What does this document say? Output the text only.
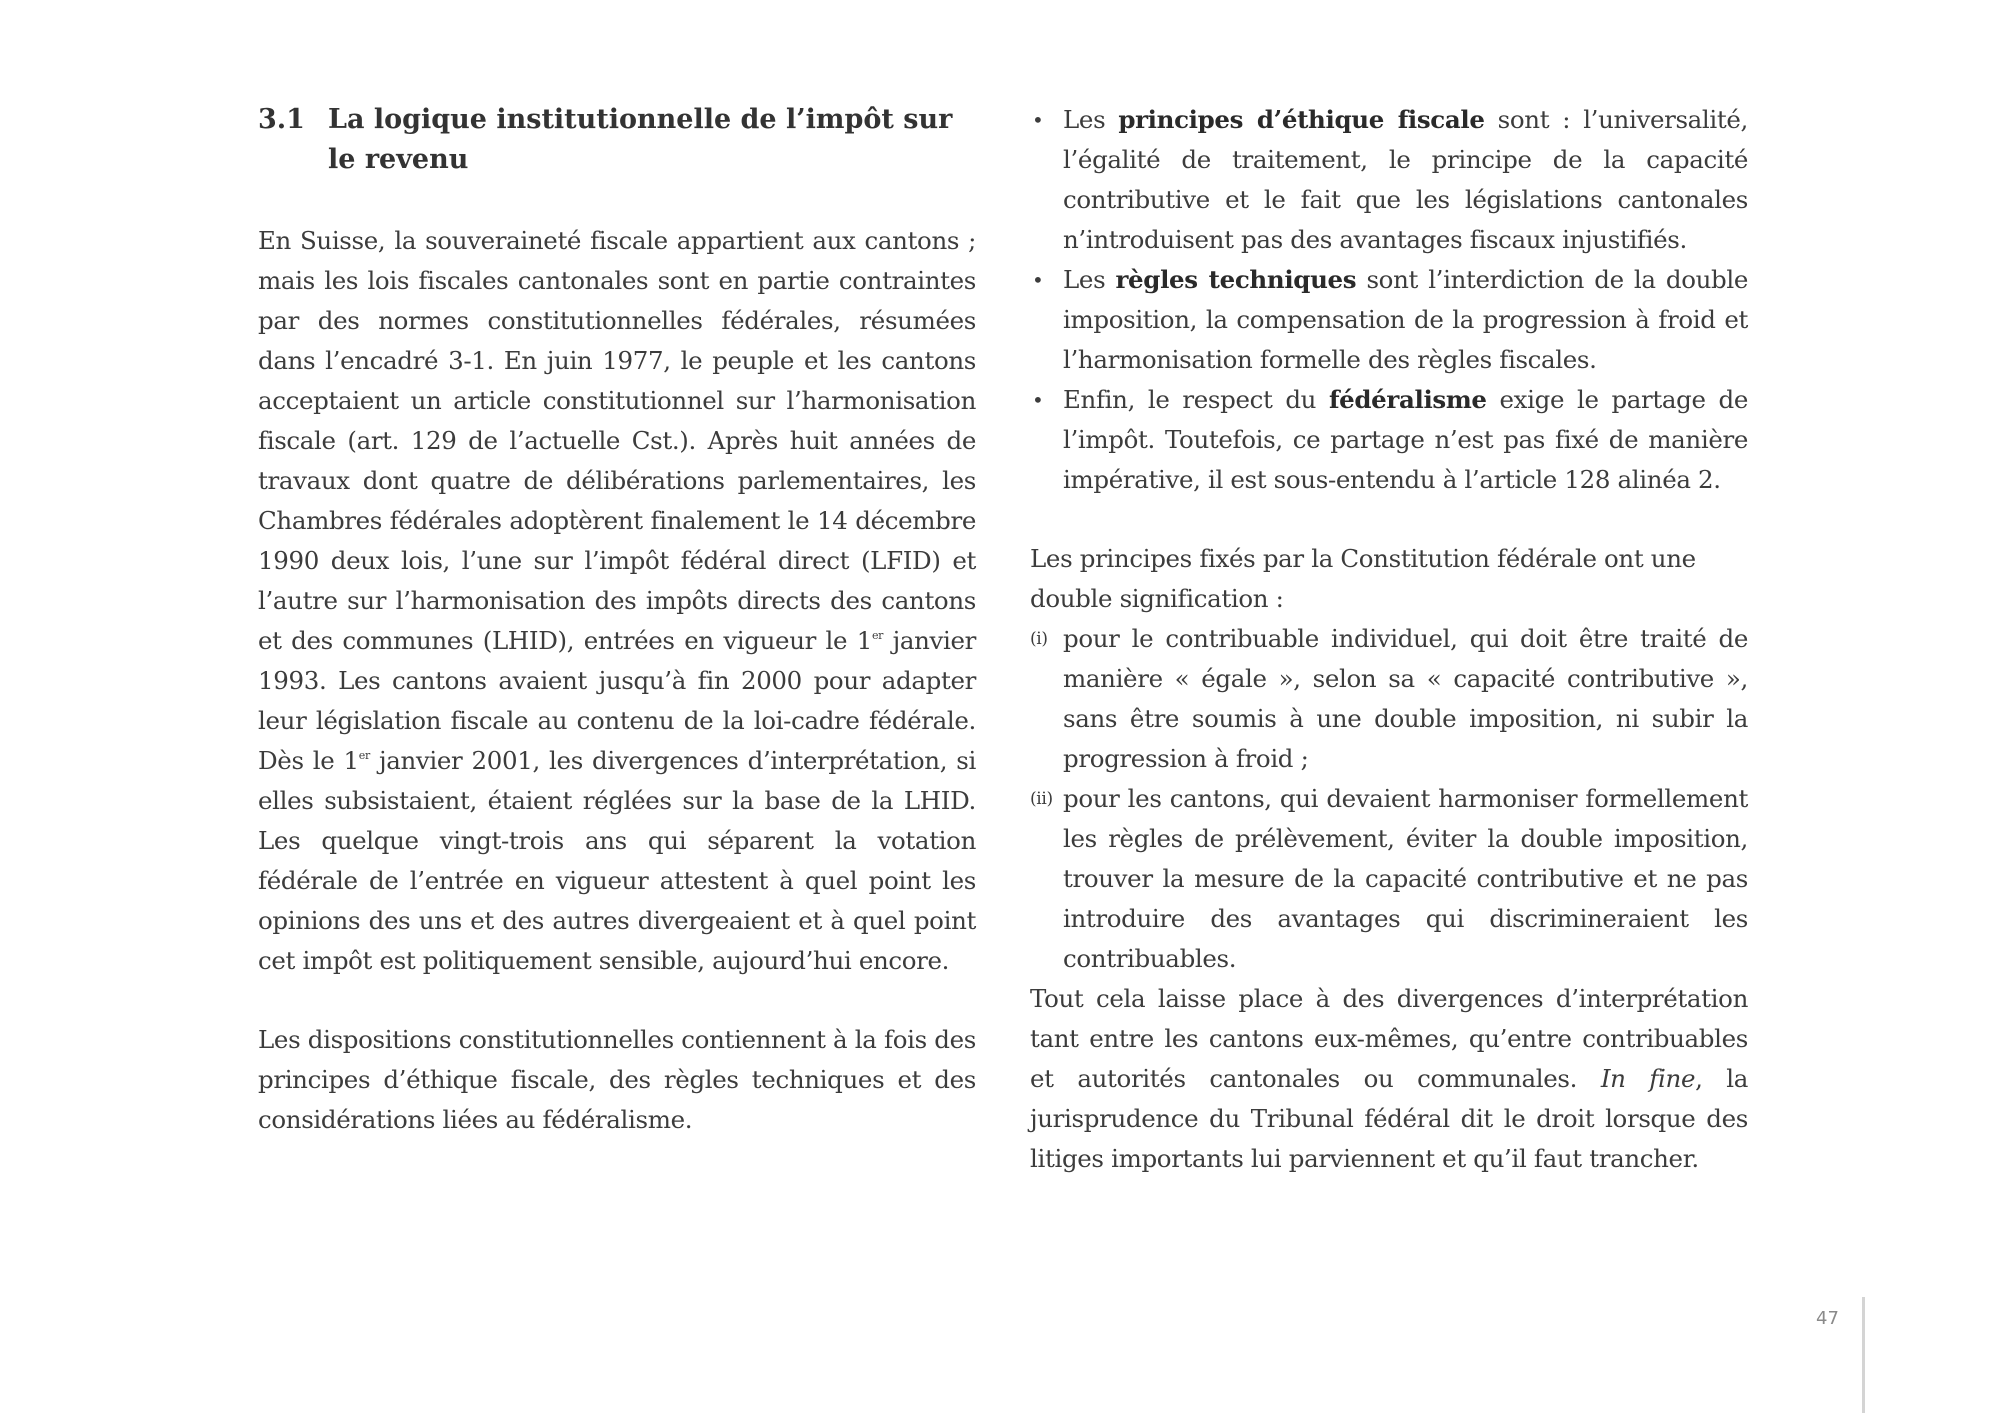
3.1 La logique institutionnelle de l’impôt sur le revenu

En Suisse, la souveraineté fiscale appartient aux cantons ; mais les lois fiscales cantonales sont en partie contraintes par des normes constitutionnelles fédérales, résumées dans l’encadré 3-1. En juin 1977, le peuple et les cantons acceptaient un article constitutionnel sur l’harmonisation fiscale (art. 129 de l’actuelle Cst.). Après huit années de travaux dont quatre de délibérations parlementaires, les Chambres fédérales adoptèrent finalement le 14 décembre 1990 deux lois, l’une sur l’impôt fédéral direct (LFID) et l’autre sur l’harmonisation des impôts directs des cantons et des communes (LHID), entrées en vigueur le 1er janvier 1993. Les cantons avaient jusqu’à fin 2000 pour adapter leur législation fiscale au contenu de la loi-cadre fédérale. Dès le 1er janvier 2001, les divergences d’interprétation, si elles subsistaient, étaient réglées sur la base de la LHID. Les quelque vingt-trois ans qui séparent la votation fédérale de l’entrée en vigueur attestent à quel point les opinions des uns et des autres divergeaient et à quel point cet impôt est politiquement sensible, aujourd’hui encore.

Les dispositions constitutionnelles contiennent à la fois des principes d’éthique fiscale, des règles techniques et des considérations liées au fédéralisme.

• Les principes d’éthique fiscale sont : l’universalité, l’égalité de traitement, le principe de la capacité contributive et le fait que les législations cantonales n’introduisent pas des avantages fiscaux injustifiés.
• Les règles techniques sont l’interdiction de la double imposition, la compensation de la progression à froid et l’harmonisation formelle des règles fiscales.
• Enfin, le respect du fédéralisme exige le partage de l’impôt. Toutefois, ce partage n’est pas fixé de manière impérative, il est sous-entendu à l’article 128 alinéa 2.

Les principes fixés par la Constitution fédérale ont une double signification :

(i) pour le contribuable individuel, qui doit être traité de manière « égale », selon sa « capacité contributive », sans être soumis à une double imposition, ni subir la progression à froid ;
(ii) pour les cantons, qui devaient harmoniser formellement les règles de prélèvement, éviter la double imposition, trouver la mesure de la capacité contributive et ne pas introduire des avantages qui discrimineraient les contribuables.

Tout cela laisse place à des divergences d’interprétation tant entre les cantons eux-mêmes, qu’entre contribuables et autorités cantonales ou communales. In fine, la jurisprudence du Tribunal fédéral dit le droit lorsque des litiges importants lui parviennent et qu’il faut trancher.

47
